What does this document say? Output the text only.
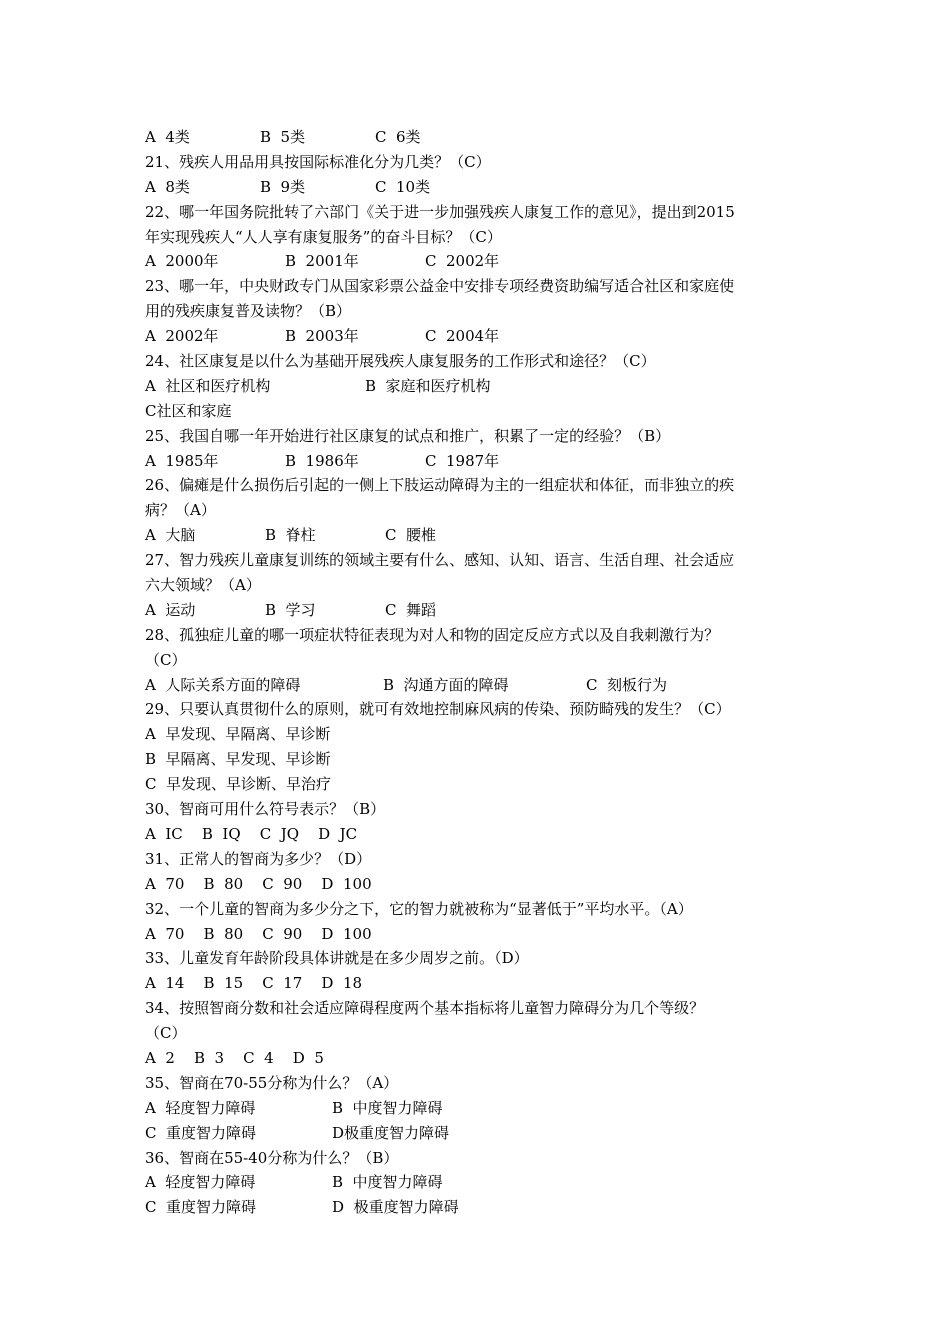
A  4类	B  5类	C  6类
21、残疾人用品用具按国际标准化分为几类？（C）
A  8类	B  9类	C  10类
22、哪一年国务院批转了六部门《关于进一步加强残疾人康复工作的意见》，提出到2015
年实现残疾人“人人享有康复服务”的奋斗目标？（C）
A  2000年	B  2001年	C  2002年
23、哪一年，中央财政专门从国家彩票公益金中安排专项经费资助编写适合社区和家庭使
用的残疾康复普及读物？（B）
A  2002年	B  2003年	C  2004年
24、社区康复是以什么为基础开展残疾人康复服务的工作形式和途径？（C）
A  社区和医疗机构	B  家庭和医疗机构
C社区和家庭
25、我国自哪一年开始进行社区康复的试点和推广，积累了一定的经验？（B）
A  1985年	B  1986年	C  1987年
26、偏瘫是什么损伤后引起的一侧上下肢运动障碍为主的一组症状和体征，而非独立的疾
病？（A）
A  大脑	B  脊柱	C  腰椎
27、智力残疾儿童康复训练的领域主要有什么、感知、认知、语言、生活自理、社会适应
六大领域？（A）
A  运动	B  学习	C  舞蹈
28、孤独症儿童的哪一项症状特征表现为对人和物的固定反应方式以及自我刺激行为？
（C）
A  人际关系方面的障碍	B  沟通方面的障碍	C  刻板行为
29、只要认真贯彻什么的原则，就可有效地控制麻风病的传染、预防畸残的发生？（C）
A  早发现、早隔离、早诊断
B  早隔离、早发现、早诊断
C  早发现、早诊断、早治疗
30、智商可用什么符号表示？（B）
A  IC    B  IQ    C  JQ    D  JC
31、正常人的智商为多少？（D）
A  70    B  80    C  90    D  100
32、一个儿童的智商为多少分之下，它的智力就被称为“显著低于”平均水平。（A）
A  70    B  80    C  90    D  100
33、儿童发育年龄阶段具体讲就是在多少周岁之前。（D）
A  14    B  15    C  17    D  18
34、按照智商分数和社会适应障碍程度两个基本指标将儿童智力障碍分为几个等级？
（C）
A  2    B  3    C  4    D  5
35、智商在70-55分称为什么？（A）
A  轻度智力障碍	B  中度智力障碍
C  重度智力障碍	D极重度智力障碍
36、智商在55-40分称为什么？（B）
A  轻度智力障碍	B  中度智力障碍
C  重度智力障碍	D  极重度智力障碍
